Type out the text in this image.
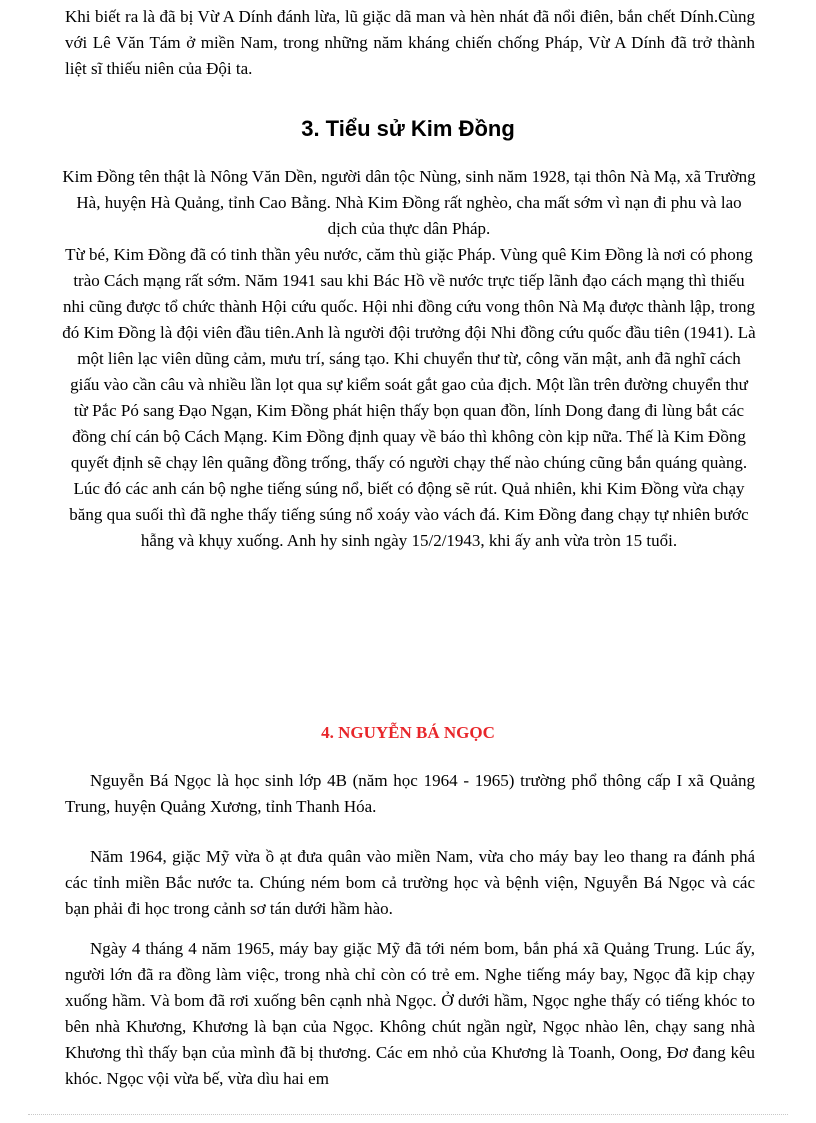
Khi biết ra là đã bị Vừ A Dính đánh lừa, lũ giặc dã man và hèn nhát đã nổi điên, bắn chết Dính.Cùng với Lê Văn Tám ở miền Nam, trong những năm kháng chiến chống Pháp, Vừ A Dính đã trở thành liệt sĩ thiếu niên của Đội ta.

3. Tiểu sử Kim Đồng
Kim Đồng tên thật là Nông Văn Dền, người dân tộc Nùng, sinh năm 1928, tại thôn Nà Mạ, xã Trường Hà, huyện Hà Quảng, tỉnh Cao Bằng. Nhà Kim Đồng rất nghèo, cha mất sớm vì nạn đi phu và lao dịch của thực dân Pháp.
Từ bé, Kim Đồng đã có tinh thần yêu nước, căm thù giặc Pháp. Vùng quê Kim Đồng là nơi có phong trào Cách mạng rất sớm. Năm 1941 sau khi Bác Hồ về nước trực tiếp lãnh đạo cách mạng thì thiếu nhi cũng được tổ chức thành Hội cứu quốc. Hội nhi đồng cứu vong thôn Nà Mạ được thành lập, trong đó Kim Đồng là đội viên đầu tiên.Anh là người đội trưởng đội Nhi đồng cứu quốc đầu tiên (1941). Là một liên lạc viên dũng cảm, mưu trí, sáng tạo. Khi chuyển thư từ, công văn mật, anh đã nghĩ cách giấu vào cần câu và nhiều lần lọt qua sự kiểm soát gắt gao của địch. Một lần trên đường chuyển thư từ Pắc Pó sang Đạo Ngạn, Kim Đồng phát hiện thấy bọn quan đồn, lính Dong đang đi lùng bắt các đồng chí cán bộ Cách Mạng. Kim Đồng định quay về báo thì không còn kịp nữa. Thế là Kim Đồng quyết định sẽ chạy lên quãng đồng trống, thấy có người chạy thế nào chúng cũng bắn quáng quàng. Lúc đó các anh cán bộ nghe tiếng súng nổ, biết có động sẽ rút. Quả nhiên, khi Kim Đồng vừa chạy băng qua suối thì đã nghe thấy tiếng súng nổ xoáy vào vách đá. Kim Đồng đang chạy tự nhiên bước hẫng và khụy xuống. Anh hy sinh ngày 15/2/1943, khi ấy anh vừa tròn 15 tuổi.
4. NGUYỄN BÁ NGỌC

Nguyễn Bá Ngọc là học sinh lớp 4B (năm học 1964 - 1965) trường phổ thông cấp I xã Quảng Trung, huyện Quảng Xương, tỉnh Thanh Hóa.

Năm 1964, giặc Mỹ vừa ồ ạt đưa quân vào miền Nam, vừa cho máy bay leo thang ra đánh phá các tỉnh miền Bắc nước ta. Chúng ném bom cả trường học và bệnh viện, Nguyễn Bá Ngọc và các bạn phải đi học trong cảnh sơ tán dưới hầm hào.

Ngày 4 tháng 4 năm 1965, máy bay giặc Mỹ đã tới ném bom, bắn phá xã Quảng Trung. Lúc ấy, người lớn đã ra đồng làm việc, trong nhà chỉ còn có trẻ em. Nghe tiếng máy bay, Ngọc đã kịp chạy xuống hầm. Và bom đã rơi xuống bên cạnh nhà Ngọc. Ở dưới hầm, Ngọc nghe thấy có tiếng khóc to bên nhà Khương, Khương là bạn của Ngọc. Không chút ngần ngừ, Ngọc nhào lên, chạy sang nhà Khương thì thấy bạn của mình đã bị thương. Các em nhỏ của Khương là Toanh, Oong, Đơ đang kêu khóc. Ngọc vội vừa bế, vừa dìu hai em
